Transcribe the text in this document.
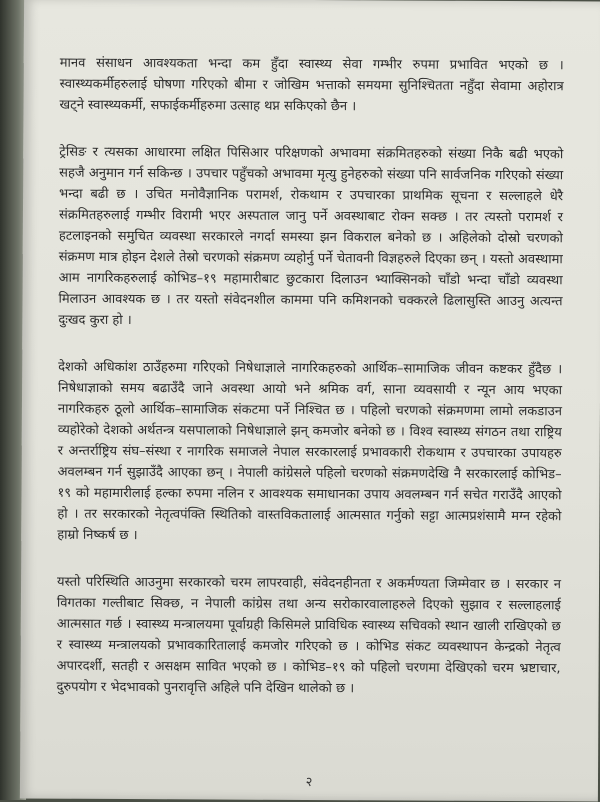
मानव संसाधन आवश्यकता भन्दा कम हुँदा स्वास्थ्य सेवा गम्भीर रुपमा प्रभावित भएको छ । स्वास्थ्यकर्मीहरुलाई घोषणा गरिएको बीमा र जोखिम भत्ताको समयमा सुनिश्चितता नहुँदा सेवामा अहोरात्र खट्ने स्वास्थ्यकर्मी, सफाईकर्मीहरुमा उत्साह थप्न सकिएको छैन ।

ट्रेसिङ र त्यसका आधारमा लक्षित पिसिआर परिक्षणको अभावमा संक्रमितहरुको संख्या निकै बढी भएको सहजै अनुमान गर्न सकिन्छ । उपचार पहुँचको अभावमा मृत्यु हुनेहरुको संख्या पनि सार्वजनिक गरिएको संख्या भन्दा बढी छ । उचित मनोवैज्ञानिक परामर्श, रोकथाम र उपचारका प्राथमिक सूचना र सल्लाहले धेरै संक्रमितहरुलाई गम्भीर विरामी भएर अस्पताल जानु पर्ने अवस्थाबाट रोक्न सक्छ । तर त्यस्तो परामर्श र हटलाइनको समुचित व्यवस्था सरकारले नगर्दा समस्या झन विकराल बनेको छ । अहिलेको दोस्रो चरणको संक्रमण मात्र होइन देशले तेस्रो चरणको संक्रमण व्यहोर्नु पर्ने चेतावनी विज्ञहरुले दिएका छन् । यस्तो अवस्थामा आम नागरिकहरुलाई कोभिड–१९ महामारीबाट छुटकारा दिलाउन भ्याक्सिनको चाँडो भन्दा चाँडो व्यवस्था मिलाउन आवश्यक छ । तर यस्तो संवेदनशील काममा पनि कमिशनको चक्करले ढिलासुस्ति आउनु अत्यन्त दुःखद कुरा हो ।

देशको अधिकांश ठाउँहरुमा गरिएको निषेधाज्ञाले नागरिकहरुको आर्थिक–सामाजिक जीवन कष्टकर हुँदैछ । निषेधाज्ञाको समय बढाउँदै जाने अवस्था आयो भने श्रमिक वर्ग, साना व्यवसायी र न्यून आय भएका नागरिकहरु ठूलो आर्थिक–सामाजिक संकटमा पर्ने निश्चित छ । पहिलो चरणको संक्रमणमा लामो लकडाउन व्यहोरेको देशको अर्थतन्त्र यसपालाको निषेधाज्ञाले झन् कमजोर बनेको छ । विश्व स्वास्थ्य संगठन तथा राष्ट्रिय र अन्तर्राष्ट्रिय संघ–संस्था र नागरिक समाजले नेपाल सरकारलाई प्रभावकारी रोकथाम र उपचारका उपायहरु अवलम्बन गर्न सुझाउँदै आएका छन् । नेपाली कांग्रेसले पहिलो चरणको संक्रमणदेखि नै सरकारलाई कोभिड–१९ को महामारीलाई हल्का रुपमा नलिन र आवश्यक समाधानका उपाय अवलम्बन गर्न सचेत गराउँदै आएको हो । तर सरकारको नेतृत्वपंक्ति स्थितिको वास्तविकतालाई आत्मसात गर्नुको सट्टा आत्मप्रशंसामै मग्न रहेको हाम्रो निष्कर्ष छ ।

यस्तो परिस्थिति आउनुमा सरकारको चरम लापरवाही, संवेदनहीनता र अकर्मण्यता जिम्मेवार छ । सरकार न विगतका गल्तीबाट सिक्छ, न नेपाली कांग्रेस तथा अन्य सरोकारवालाहरुले दिएको सुझाव र सल्लाहलाई आत्मसात गर्छ । स्वास्थ्य मन्त्रालयमा पूर्वाग्रही किसिमले प्राविधिक स्वास्थ्य सचिवको स्थान खाली राखिएको छ र स्वास्थ्य मन्त्रालयको प्रभावकारितालाई कमजोर गरिएको छ । कोभिड संकट व्यवस्थापन केन्द्रको नेतृत्व अपारदर्शी, सतही र असक्षम सावित भएको छ । कोभिड–१९ को पहिलो चरणमा देखिएको चरम भ्रष्टाचार, दुरुपयोग र भेदभावको पुनरावृत्ति अहिले पनि देखिन थालेको छ ।

२
